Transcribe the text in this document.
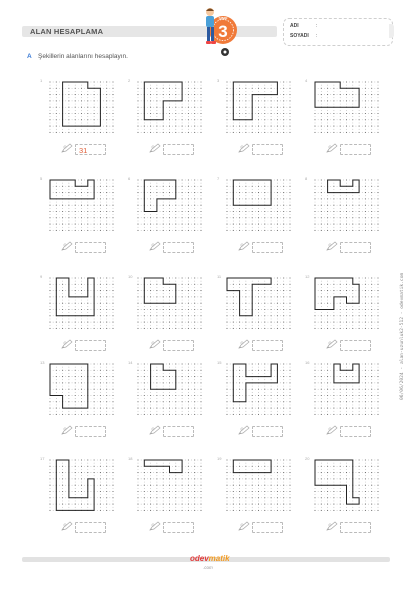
ALAN HESAPLAMA	3
SINIF
ADI	:
SOYADI :
A Şekillerin alanlarını hesaplayın.
1
31
2	3	4
5	6	7	8
9	10	11	12
13	14	15	16
17	18	19	20
odevmatik
.com
06/06/2024 - alan-uzunluk2-512 - odevmatik.com
